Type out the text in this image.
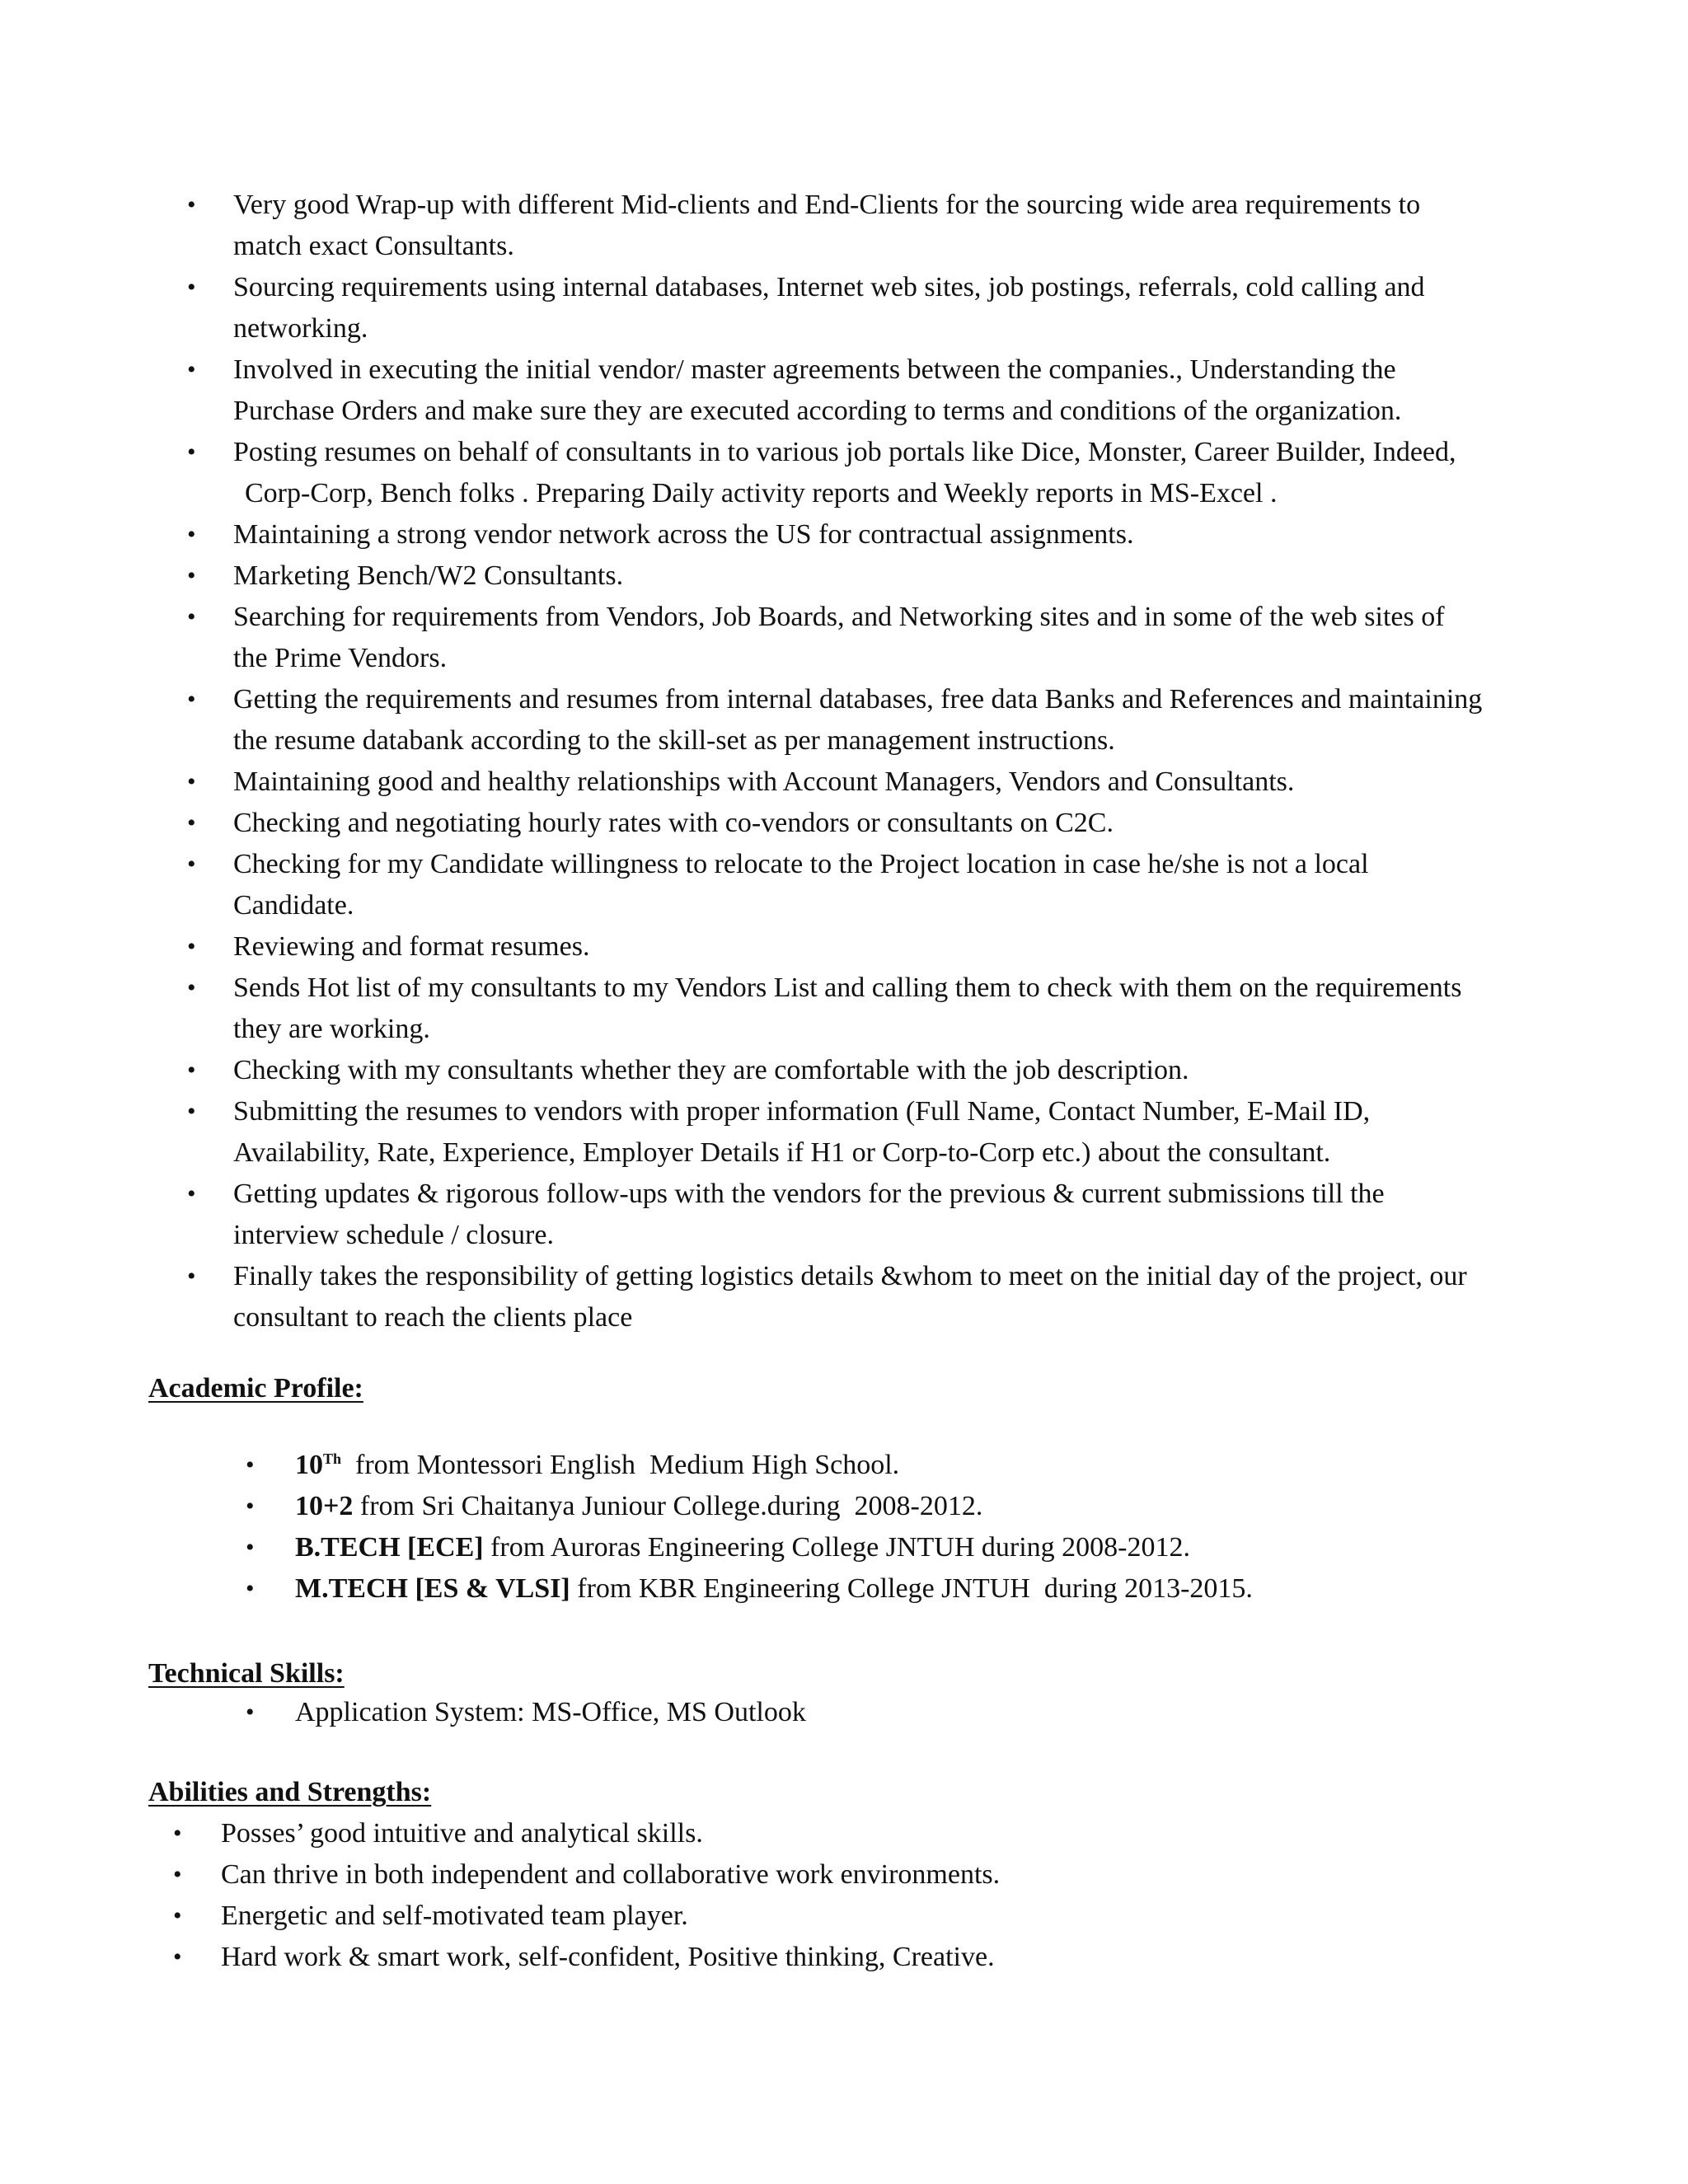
• Very good Wrap-up with different Mid-clients and End-Clients for the sourcing wide area requirements to
match exact Consultants.
• Sourcing requirements using internal databases, Internet web sites, job postings, referrals, cold calling and
networking.
• Involved in executing the initial vendor/ master agreements between the companies., Understanding the
Purchase Orders and make sure they are executed according to terms and conditions of the organization.
• Posting resumes on behalf of consultants in to various job portals like Dice, Monster, Career Builder, Indeed,
Corp-Corp, Bench folks . Preparing Daily activity reports and Weekly reports in MS-Excel .
• Maintaining a strong vendor network across the US for contractual assignments.
• Marketing Bench/W2 Consultants.
• Searching for requirements from Vendors, Job Boards, and Networking sites and in some of the web sites of
the Prime Vendors.
• Getting the requirements and resumes from internal databases, free data Banks and References and maintaining
the resume databank according to the skill-set as per management instructions.
• Maintaining good and healthy relationships with Account Managers, Vendors and Consultants.
• Checking and negotiating hourly rates with co-vendors or consultants on C2C.
• Checking for my Candidate willingness to relocate to the Project location in case he/she is not a local
Candidate.
• Reviewing and format resumes.
• Sends Hot list of my consultants to my Vendors List and calling them to check with them on the requirements
they are working.
• Checking with my consultants whether they are comfortable with the job description.
• Submitting the resumes to vendors with proper information (Full Name, Contact Number, E-Mail ID,
Availability, Rate, Experience, Employer Details if H1 or Corp-to-Corp etc.) about the consultant.
• Getting updates & rigorous follow-ups with the vendors for the previous & current submissions till the
interview schedule / closure.
• Finally takes the responsibility of getting logistics details &whom to meet on the initial day of the project, our
consultant to reach the clients place
Academic Profile:
• 10Th  from Montessori English  Medium High School.
• 10+2 from Sri Chaitanya Juniour College.during  2008-2012.
• B.TECH [ECE] from Auroras Engineering College JNTUH during 2008-2012.
• M.TECH [ES & VLSI] from KBR Engineering College JNTUH  during 2013-2015.
Technical Skills:
• Application System: MS-Office, MS Outlook
Abilities and Strengths:
• Posses’ good intuitive and analytical skills.
• Can thrive in both independent and collaborative work environments.
• Energetic and self-motivated team player.
• Hard work & smart work, self-confident, Positive thinking, Creative.
